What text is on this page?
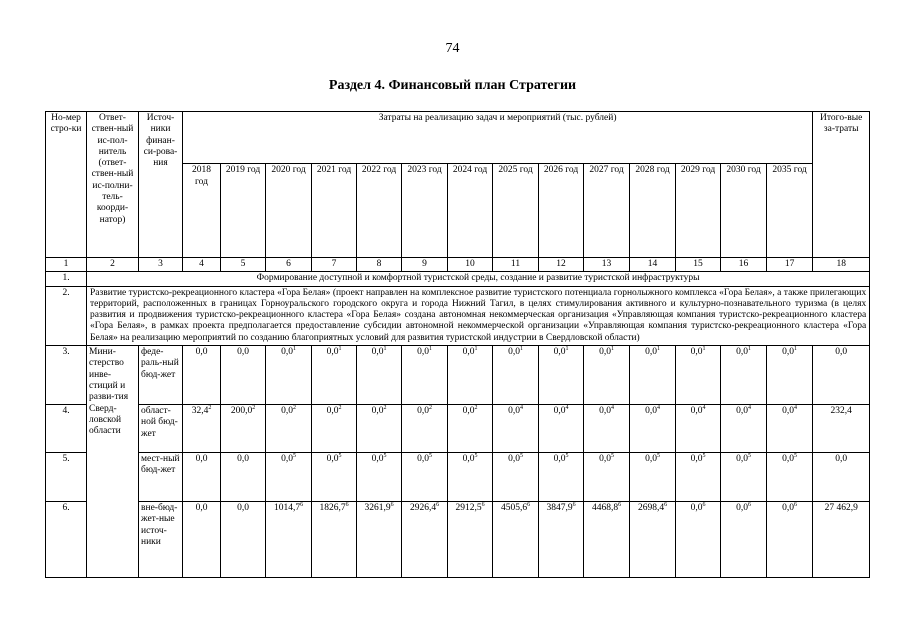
74
Раздел 4. Финансовый план Стратегии
Но-мер стро-ки	Ответ-ствен-ный ис-пол-нитель (ответ-ствен-ный ис-полни-тель-коорди-натор)	Источ-ники финан-си-рова-ния	Затраты на реализацию задач и мероприятий (тыс. рублей)														Итого-вые за-траты
			2018 год	2019 год	2020 год	2021 год	2022 год	2023 год	2024 год	2025 год	2026 год	2027 год	2028 год	2029 год	2030 год	2035 год	
1	2	3	4	5	6	7	8	9	10	11	12	13	14	15	16	17	18
1.	Формирование доступной и комфортной туристской среды, создание и развитие туристской инфраструктуры																
2.	Развитие туристско-рекреационного кластера «Гора Белая» (проект направлен на комплексное развитие туристского потенциала горнолыжного комплекса «Гора Белая», а также прилегающих территорий, расположенных в границах Горноуральского городского округа и города Нижний Тагил, в целях стимулирования активного и культурно-познавательного туризма (в целях развития и продвижения туристско-рекреационного кластера «Гора Белая» создана автономная некоммерческая организация «Управляющая компания туристско-рекреационного кластера «Гора Белая», в рамках проекта предполагается предоставление субсидии автономной некоммерческой организации «Управляющая компания туристско-рекреационного кластера «Гора Белая» на реализацию мероприятий по созданию благоприятных условий для развития туристской индустрии в Свердловской области)																
3.	Мини-стерство инве-стиций и разви-тия Сверд-ловской области	феде-раль-ный бюд-жет	0,0	0,0	$0,0^1$	$0,0^1$	$0,0^1$	$0,0^1$	$0,0^1$	$0,0^1$	$0,0^1$	$0,0^1$	$0,0^1$	$0,0^1$	$0,0^1$	$0,0^1$	0,0
4.		област-ной бюд-жет	32,4$^2$	200,0$^2$	$0,0^2$	$0,0^2$	$0,0^2$	$0,0^2$	$0,0^2$	$0,0^4$	$0,0^4$	$0,0^4$	$0,0^4$	$0,0^4$	$0,0^4$	$0,0^4$	232,4
5.		мест-ный бюд-жет	0,0	0,0	$0,0^5$	$0,0^5$	$0,0^5$	$0,0^5$	$0,0^5$	$0,0^5$	$0,0^5$	$0,0^5$	$0,0^5$	$0,0^5$	$0,0^5$	$0,0^5$	0,0
6.		вне-бюд-жет-ные источ-ники	0,0	0,0	1014,7$^6$	1826,7$^6$	3261,9$^6$	2926,4$^6$	2912,5$^6$	4505,6$^6$	3847,9$^6$	4468,8$^6$	2698,4$^6$	$0,0^6$	$0,0^6$	$0,0^6$	27 462,9
